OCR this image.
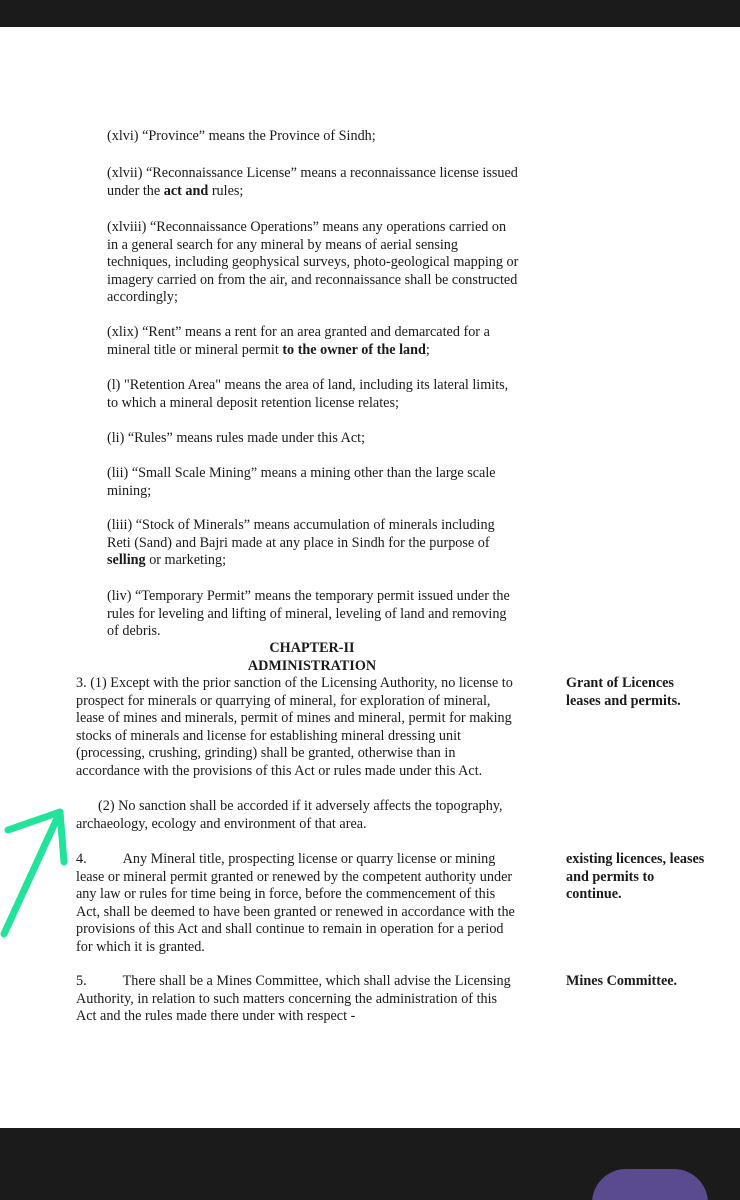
(xlvi) “Province” means the Province of Sindh;
(xlvii) “Reconnaissance License” means a reconnaissance license issued
under the act and rules;
(xlviii) “Reconnaissance Operations” means any operations carried on
in a general search for any mineral by means of aerial sensing
techniques, including geophysical surveys, photo-geological mapping or
imagery carried on from the air, and reconnaissance shall be constructed
accordingly;
(xlix) “Rent” means a rent for an area granted and demarcated for a
mineral title or mineral permit to the owner of the land;
(l) "Retention Area" means the area of land, including its lateral limits,
to which a mineral deposit retention license relates;
(li) “Rules” means rules made under this Act;
(lii) “Small Scale Mining” means a mining other than the large scale
mining;
(liii) “Stock of Minerals” means accumulation of minerals including
Reti (Sand) and Bajri made at any place in Sindh for the purpose of
selling or marketing;
(liv) “Temporary Permit” means the temporary permit issued under the
rules for leveling and lifting of mineral, leveling of land and removing
of debris.
CHAPTER-II
ADMINISTRATION
3. (1) Except with the prior sanction of the Licensing Authority, no license to
prospect for minerals or quarrying of mineral, for exploration of mineral,
lease of mines and minerals, permit of mines and mineral, permit for making
stocks of minerals and license for establishing mineral dressing unit
(processing, crushing, grinding) shall be granted, otherwise than in
accordance with the provisions of this Act or rules made under this Act.
Grant of Licences
leases and permits.
(2) No sanction shall be accorded if it adversely affects the topography,
archaeology, ecology and environment of that area.
4.	Any Mineral title, prospecting license or quarry license or mining
lease or mineral permit granted or renewed by the competent authority under
any law or rules for time being in force, before the commencement of this
Act, shall be deemed to have been granted or renewed in accordance with the
provisions of this Act and shall continue to remain in operation for a period
for which it is granted.
existing licences, leases
and permits to
continue.
5.	There shall be a Mines Committee, which shall advise the Licensing
Authority, in relation to such matters concerning the administration of this
Act and the rules made there under with respect -
Mines Committee.
